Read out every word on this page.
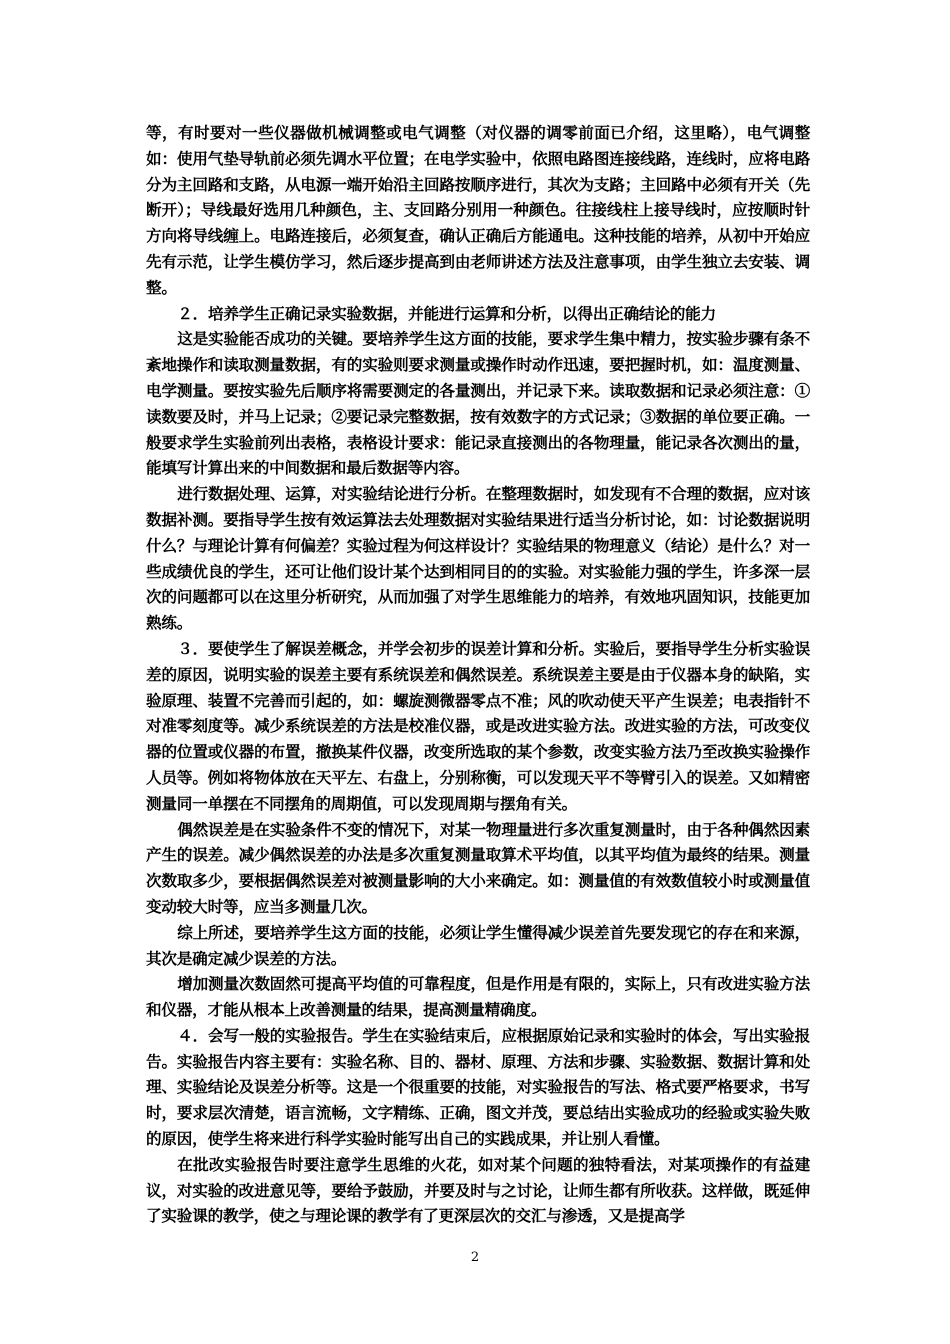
等，有时要对一些仪器做机械调整或电气调整（对仪器的调零前面已介绍，这里略），电气调整如：使用气垫导轨前必须先调水平位置；在电学实验中，依照电路图连接线路，连线时，应将电路分为主回路和支路，从电源一端开始沿主回路按顺序进行，其次为支路；主回路中必须有开关（先断开）；导线最好选用几种颜色，主、支回路分别用一种颜色。往接线柱上接导线时，应按顺时针方向将导线缠上。电路连接后，必须复查，确认正确后方能通电。这种技能的培养，从初中开始应先有示范，让学生模仿学习，然后逐步提高到由老师讲述方法及注意事项，由学生独立去安装、调整。

２．培养学生正确记录实验数据，并能进行运算和分析，以得出正确结论的能力

这是实验能否成功的关键。要培养学生这方面的技能，要求学生集中精力，按实验步骤有条不紊地操作和读取测量数据，有的实验则要求测量或操作时动作迅速，要把握时机，如：温度测量、电学测量。要按实验先后顺序将需要测定的各量测出，并记录下来。读取数据和记录必须注意：①读数要及时，并马上记录；②要记录完整数据，按有效数字的方式记录；③数据的单位要正确。一般要求学生实验前列出表格，表格设计要求：能记录直接测出的各物理量，能记录各次测出的量，能填写计算出来的中间数据和最后数据等内容。

进行数据处理、运算，对实验结论进行分析。在整理数据时，如发现有不合理的数据，应对该数据补测。要指导学生按有效运算法去处理数据对实验结果进行适当分析讨论，如：讨论数据说明什么？与理论计算有何偏差？实验过程为何这样设计？实验结果的物理意义（结论）是什么？对一些成绩优良的学生，还可让他们设计某个达到相同目的的实验。对实验能力强的学生，许多深一层次的问题都可以在这里分析研究，从而加强了对学生思维能力的培养，有效地巩固知识，技能更加熟练。

３．要使学生了解误差概念，并学会初步的误差计算和分析。实验后，要指导学生分析实验误差的原因，说明实验的误差主要有系统误差和偶然误差。系统误差主要是由于仪器本身的缺陷，实验原理、装置不完善而引起的，如：螺旋测微器零点不准；风的吹动使天平产生误差；电表指针不对准零刻度等。减少系统误差的方法是校准仪器，或是改进实验方法。改进实验的方法，可改变仪器的位置或仪器的布置，撤换某件仪器，改变所选取的某个参数，改变实验方法乃至改换实验操作人员等。例如将物体放在天平左、右盘上，分别称衡，可以发现天平不等臂引入的误差。又如精密测量同一单摆在不同摆角的周期值，可以发现周期与摆角有关。

偶然误差是在实验条件不变的情况下，对某一物理量进行多次重复测量时，由于各种偶然因素产生的误差。减少偶然误差的办法是多次重复测量取算术平均值，以其平均值为最终的结果。测量次数取多少，要根据偶然误差对被测量影响的大小来确定。如：测量值的有效数值较小时或测量值变动较大时等，应当多测量几次。

综上所述，要培养学生这方面的技能，必须让学生懂得减少误差首先要发现它的存在和来源，其次是确定减少误差的方法。

增加测量次数固然可提高平均值的可靠程度，但是作用是有限的，实际上，只有改进实验方法和仪器，才能从根本上改善测量的结果，提高测量精确度。

４．会写一般的实验报告。学生在实验结束后，应根据原始记录和实验时的体会，写出实验报告。实验报告内容主要有：实验名称、目的、器材、原理、方法和步骤、实验数据、数据计算和处理、实验结论及误差分析等。这是一个很重要的技能，对实验报告的写法、格式要严格要求，书写时，要求层次清楚，语言流畅，文字精练、正确，图文并茂，要总结出实验成功的经验或实验失败的原因，使学生将来进行科学实验时能写出自己的实践成果，并让别人看懂。

在批改实验报告时要注意学生思维的火花，如对某个问题的独特看法，对某项操作的有益建议，对实验的改进意见等，要给予鼓励，并要及时与之讨论，让师生都有所收获。这样做，既延伸了实验课的教学，使之与理论课的教学有了更深层次的交汇与渗透，又是提高学

2
